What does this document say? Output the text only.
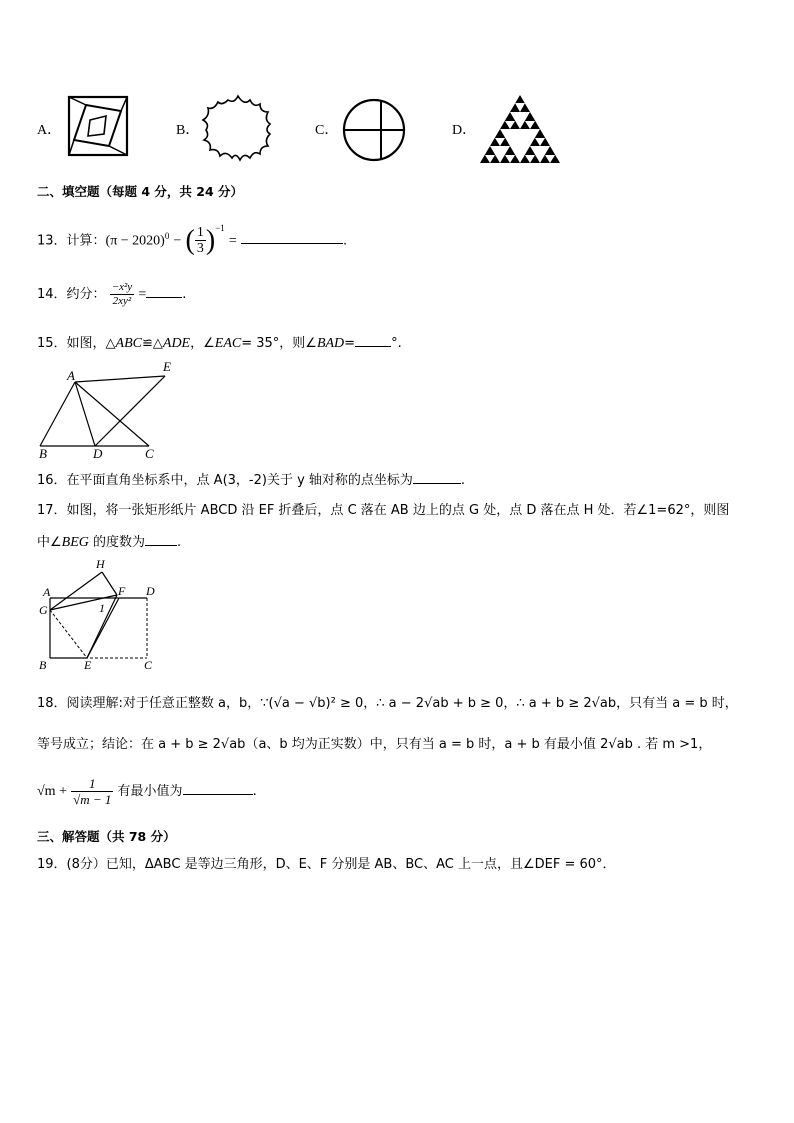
A．	B．	C．	D．
二、填空题（每题 4 分，共 24 分）
13．计算：$(\pi - 2020)^0$ − ( $\frac{1}{3} )^{-1}$ =	.
14．约分： $\frac{\text{−x²y}}{\text{2xy²}}$ =	.
15．如图，△ABC≌△ADE，∠EAC= 35°，则∠BAD=	°.
A
E
B	D	C
16．在平面直角坐标系中，点 A(3，-2)关于 y 轴对称的点坐标为	.
17．如图，将一张矩形纸片 ABCD 沿 EF 折叠后，点 C 落在 AB 边上的点 G 处，点 D 落在点 H 处．若∠1=62°，则图
中∠BEG 的度数为 .
H
A	F D
G	1
B	E	C
18．阅读理解:对于任意正整数 a，b，∵(√a − √b)² ≥ 0，∴ a − 2√ab + b ≥ 0，∴ a + b ≥ 2√ab，只有当 a = b 时，
等号成立；结论：在 a + b ≥ 2√ab（a、b 均为正实数）中，只有当 a = b 时，a + b 有最小值 2√ab . 若 m >1，
$√m + \frac{1}{√m - 1}$ 有最小值为	.
三、解答题（共 78 分）
19．(8分）已知，ΔABC 是等边三角形，D、E、F 分别是 AB、BC、AC 上一点，且∠DEF = 60°．
